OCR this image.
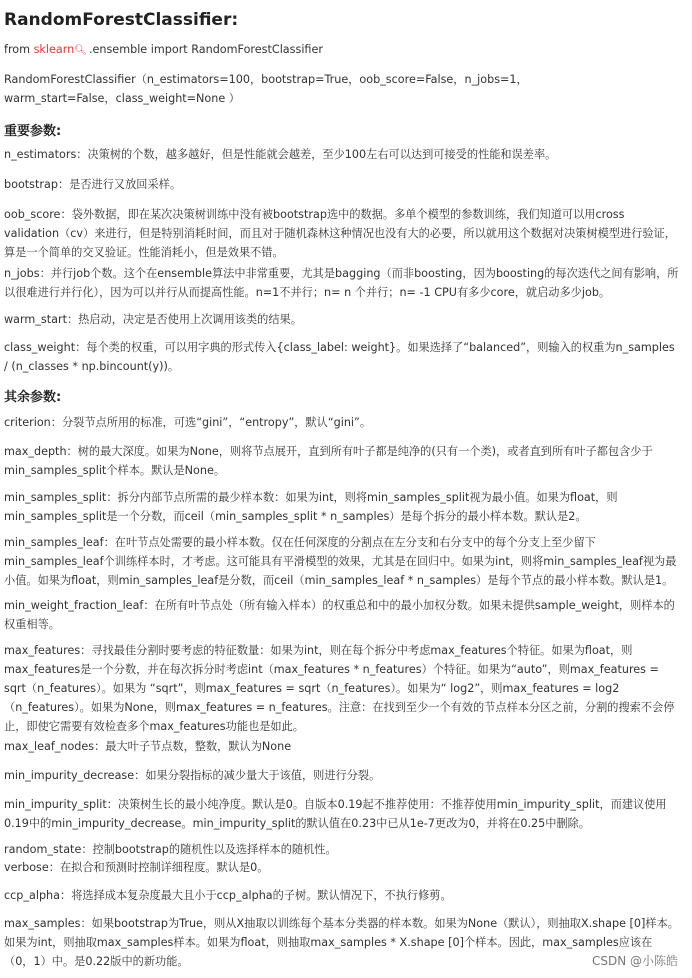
RandomForestClassifier:

from sklearn🔍︎ .ensemble import RandomForestClassifier

RandomForestClassifier（n_estimators=100，bootstrap=True，oob_score=False，n_jobs=1，warm_start=False，class_weight=None ）

重要参数:

n_estimators：决策树的个数，越多越好，但是性能就会越差，至少100左右可以达到可接受的性能和误差率。

bootstrap：是否进行又放回采样。

oob_score：袋外数据，即在某次决策树训练中没有被bootstrap选中的数据。多单个模型的参数训练，我们知道可以用cross validation（cv）来进行，但是特别消耗时间，而且对于随机森林这种情况也没有大的必要，所以就用这个数据对决策树模型进行验证，算是一个简单的交叉验证。性能消耗小，但是效果不错。

n_jobs：并行job个数。这个在ensemble算法中非常重要，尤其是bagging（而非boosting，因为boosting的每次迭代之间有影响，所以很难进行并行化），因为可以并行从而提高性能。n=1不并行；n= n 个并行；n= -1 CPU有多少core，就启动多少job。

warm_start：热启动，决定是否使用上次调用该类的结果。

class_weight：每个类的权重，可以用字典的形式传入{class_label: weight}。如果选择了“balanced”，则输入的权重为n_samples / (n_classes * np.bincount(y))。

其余参数:

criterion：分裂节点所用的标准，可选“gini”，“entropy”，默认“gini”。

max_depth：树的最大深度。如果为None，则将节点展开，直到所有叶子都是纯净的(只有一个类)，或者直到所有叶子都包含少于min_samples_split个样本。默认是None。

min_samples_split：拆分内部节点所需的最少样本数：如果为int，则将min_samples_split视为最小值。如果为float，则min_samples_split是一个分数，而ceil（min_samples_split * n_samples）是每个拆分的最小样本数。默认是2。

min_samples_leaf：在叶节点处需要的最小样本数。仅在任何深度的分割点在左分支和右分支中的每个分支上至少留下min_samples_leaf个训练样本时，才考虑。这可能具有平滑模型的效果，尤其是在回归中。如果为int，则将min_samples_leaf视为最小值。如果为float，则min_samples_leaf是分数，而ceil（min_samples_leaf * n_samples）是每个节点的最小样本数。默认是1。

min_weight_fraction_leaf：在所有叶节点处（所有输入样本）的权重总和中的最小加权分数。如果未提供sample_weight，则样本的权重相等。

max_features：寻找最佳分割时要考虑的特征数量：如果为int，则在每个拆分中考虑max_features个特征。如果为float，则max_features是一个分数，并在每次拆分时考虑int（max_features * n_features）个特征。如果为“auto”，则max_features = sqrt（n_features）。如果为 “sqrt”，则max_features = sqrt（n_features）。如果为“ log2”，则max_features = log2（n_features）。如果为None，则max_features = n_features。注意：在找到至少一个有效的节点样本分区之前，分割的搜索不会停止，即使它需要有效检查多个max_features功能也是如此。

max_leaf_nodes：最大叶子节点数，整数，默认为None

min_impurity_decrease：如果分裂指标的减少量大于该值，则进行分裂。

min_impurity_split：决策树生长的最小纯净度。默认是0。自版本0.19起不推荐使用：不推荐使用min_impurity_split，而建议使用0.19中的min_impurity_decrease。min_impurity_split的默认值在0.23中已从1e-7更改为0，并将在0.25中删除。

random_state：控制bootstrap的随机性以及选择样本的随机性。

verbose：在拟合和预测时控制详细程度。默认是0。

ccp_alpha：将选择成本复杂度最大且小于ccp_alpha的子树。默认情况下，不执行修剪。

max_samples：如果bootstrap为True，则从X抽取以训练每个基本分类器的样本数。如果为None（默认），则抽取X.shape [0]样本。如果为int，则抽取max_samples样本。如果为float，则抽取max_samples * X.shape [0]个样本。因此，max_samples应该在（0，1）中。是0.22版中的新功能。	CSDN @小陈皓
